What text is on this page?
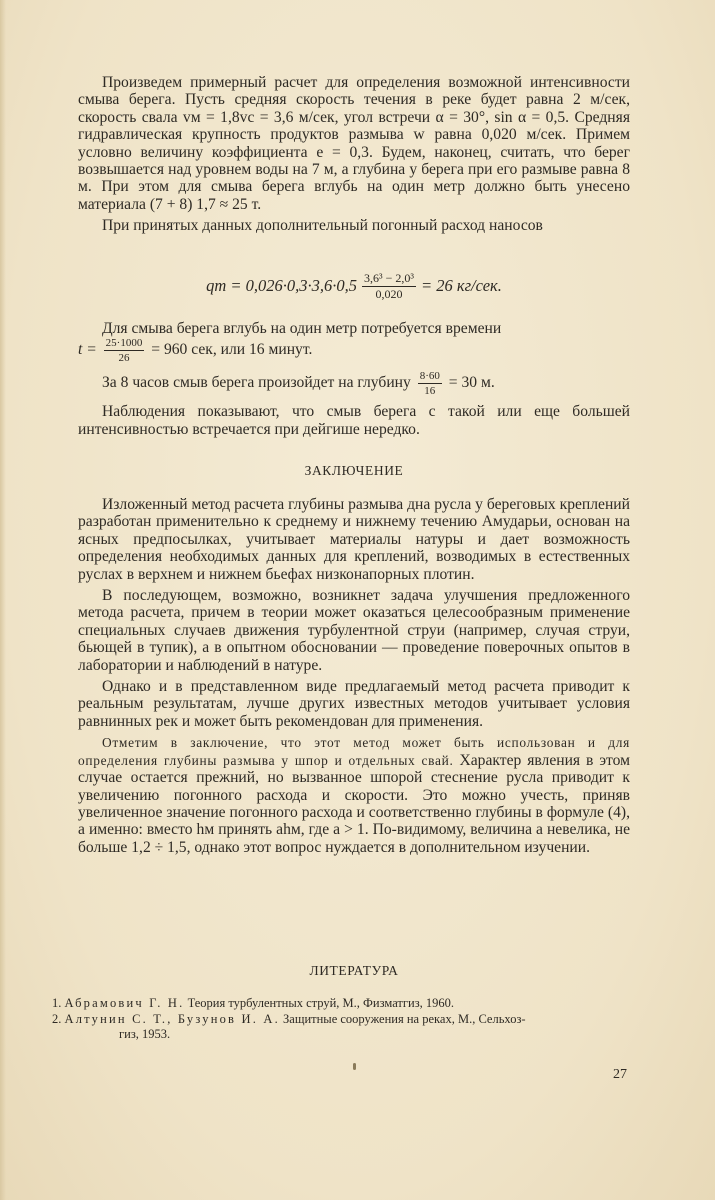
Произведем примерный расчет для определения возможной интенсивности смыва берега. Пусть средняя скорость течения в реке будет равна 2 м/сек, скорость свала vм = 1,8vс = 3,6 м/сек, угол встречи α = 30°, sin α = 0,5. Средняя гидравлическая крупность продуктов размыва w равна 0,020 м/сек. Примем условно величину коэффициента e = 0,3. Будем, наконец, считать, что берег возвышается над уровнем воды на 7 м, а глубина у берега при его размыве равна 8 м. При этом для смыва берега вглубь на один метр должно быть унесено материала (7 + 8) 1,7 ≈ 25 т.

При принятых данных дополнительный погонный расход наносов

qт = $0,026\cdot 0,3\cdot 3,6\cdot 0,5 \frac{\text{3,6³ − 2,0³}}{0,020} = 26$ кг/сек.

Для смыва берега вглубь на один метр потребуется времени

$t = \frac{25\cdot 1000}{26} = 960$ сек, или 16 минут.
За 8 часов смыв берега произойдет на глубину $\frac{8\cdot 60}{16} = 30$ м.

Наблюдения показывают, что смыв берега с такой или еще большей интенсивностью встречается при дейгише нередко.

ЗАКЛЮЧЕНИЕ

Изложенный метод расчета глубины размыва дна русла у береговых креплений разработан применительно к среднему и нижнему течению Амударьи, основан на ясных предпосылках, учитывает материалы натуры и дает возможность определения необходимых данных для креплений, возводимых в естественных руслах в верхнем и нижнем бьефах низконапорных плотин.

В последующем, возможно, возникнет задача улучшения предложенного метода расчета, причем в теории может оказаться целесообразным применение специальных случаев движения турбулентной струи (например, случая струи, бьющей в тупик), а в опытном обосновании — проведение поверочных опытов в лаборатории и наблюдений в натуре.

Однако и в представленном виде предлагаемый метод расчета приводит к реальным результатам, лучше других известных методов учитывает условия равнинных рек и может быть рекомендован для применения.

Отметим в заключение, что этот метод может быть использован и для определения глубины размыва у шпор и отдельных свай. Характер явления в этом случае остается прежний, но вызванное шпорой стеснение русла приводит к увеличению погонного расхода и скорости. Это можно учесть, приняв увеличенное значение погонного расхода и соответственно глубины в формуле (4), а именно: вместо hм принять ahм, где a > 1. По-видимому, величина a невелика, не больше 1,2 ÷ 1,5, однако этот вопрос нуждается в дополнительном изучении.

ЛИТЕРАТУРА
1. Абрамович Г. Н. Теория турбулентных струй, М., Физматгиз, 1960.
2. Алтунин С. Т., Бузунов И. А. Защитные сооружения на реках, М., Сельхоз-
гиз, 1953.
27
